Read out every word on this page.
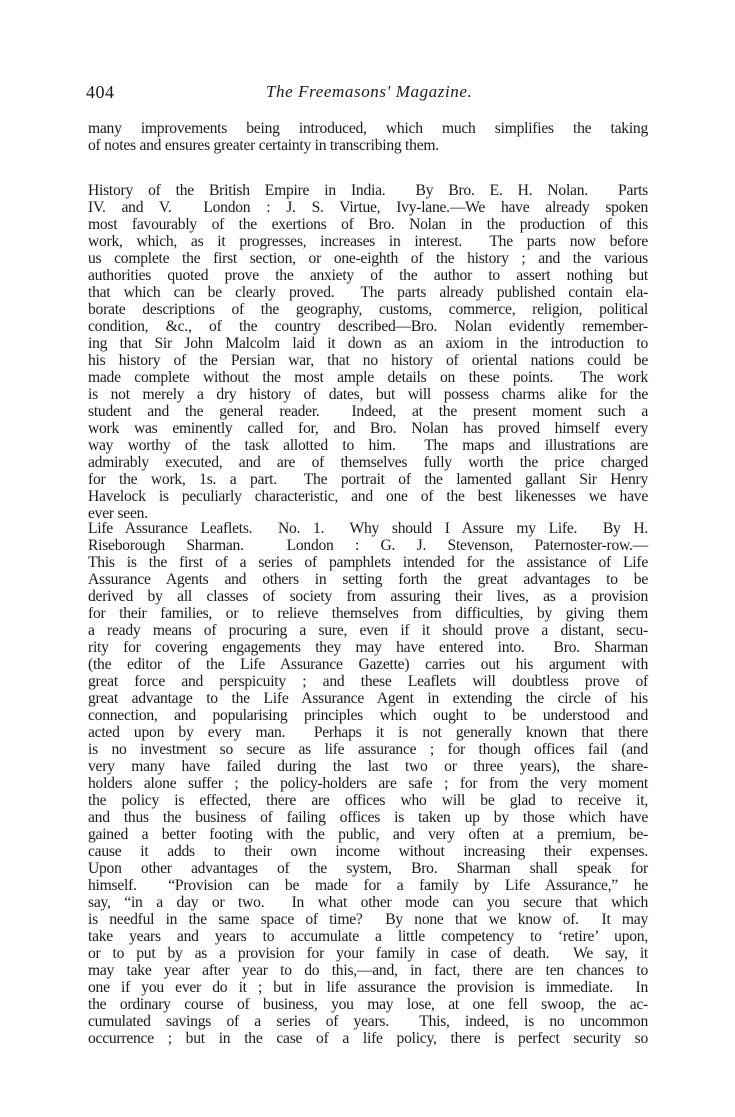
404	The Freemasons' Magazine.

many improvements being introduced, which much simplifies the taking
of notes and ensures greater certainty in transcribing them.

History of the British Empire in India.  By Bro. E. H. Nolan.  Parts
IV. and V.  London : J. S. Virtue, Ivy-lane.—We have already spoken
most favourably of the exertions of Bro. Nolan in the production of this
work, which, as it progresses, increases in interest.  The parts now before
us complete the first section, or one-eighth of the history ; and the various
authorities quoted prove the anxiety of the author to assert nothing but
that which can be clearly proved.  The parts already published contain ela-
borate descriptions of the geography, customs, commerce, religion, political
condition, &c., of the country described—Bro. Nolan evidently remember-
ing that Sir John Malcolm laid it down as an axiom in the introduction to
his history of the Persian war, that no history of oriental nations could be
made complete without the most ample details on these points.  The work
is not merely a dry history of dates, but will possess charms alike for the
student and the general reader.  Indeed, at the present moment such a
work was eminently called for, and Bro. Nolan has proved himself every
way worthy of the task allotted to him.  The maps and illustrations are
admirably executed, and are of themselves fully worth the price charged
for the work, 1s. a part.  The portrait of the lamented gallant Sir Henry
Havelock is peculiarly characteristic, and one of the best likenesses we have
ever seen.

Life Assurance Leaflets.  No. 1.  Why should I Assure my Life.  By H.
Riseborough Sharman.  London : G. J. Stevenson, Paternoster-row.—
This is the first of a series of pamphlets intended for the assistance of Life
Assurance Agents and others in setting forth the great advantages to be
derived by all classes of society from assuring their lives, as a provision
for their families, or to relieve themselves from difficulties, by giving them
a ready means of procuring a sure, even if it should prove a distant, secu-
rity for covering engagements they may have entered into.  Bro. Sharman
(the editor of the Life Assurance Gazette) carries out his argument with
great force and perspicuity ; and these Leaflets will doubtless prove of
great advantage to the Life Assurance Agent in extending the circle of his
connection, and popularising principles which ought to be understood and
acted upon by every man.  Perhaps it is not generally known that there
is no investment so secure as life assurance ; for though offices fail (and
very many have failed during the last two or three years), the share-
holders alone suffer ; the policy-holders are safe ; for from the very moment
the policy is effected, there are offices who will be glad to receive it,
and thus the business of failing offices is taken up by those which have
gained a better footing with the public, and very often at a premium, be-
cause it adds to their own income without increasing their expenses.
Upon other advantages of the system, Bro. Sharman shall speak for
himself.  “Provision can be made for a family by Life Assurance,” he
say, “in a day or two.  In what other mode can you secure that which
is needful in the same space of time?  By none that we know of.  It may
take years and years to accumulate a little competency to ‘retire’ upon,
or to put by as a provision for your family in case of death.  We say, it
may take year after year to do this,—and, in fact, there are ten chances to
one if you ever do it ; but in life assurance the provision is immediate.  In
the ordinary course of business, you may lose, at one fell swoop, the ac-
cumulated savings of a series of years.  This, indeed, is no uncommon
occurrence ; but in the case of a life policy, there is perfect security so
